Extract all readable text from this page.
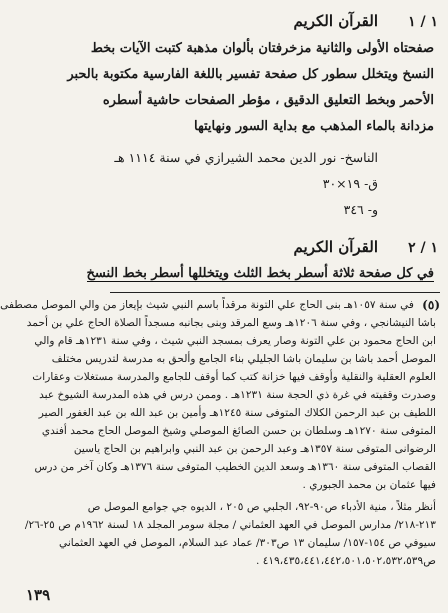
١ / ١
القرآن الكريم
صفحتاه الأولى والثانية مزخرفتان بألوان مذهبة كتبت الآيات بخط
النسخ ويتخلل سطور كل صفحة تفسير باللغة الفارسية مكتوبة بالحبر
الأحمر وبخط التعليق الدقيق ، مؤطر الصفحات حاشية أسطره
مزدانة بالماء المذهب مع بداية السور ونهايتها
الناسخ- نور الدين محمد الشيرازي في سنة ١١١٤ هـ
ق- ١٩×٣٠
و- ٣٤٦
١ / ٢
القرآن الكريم
في كل صفحة ثلاثة أسطر بخط الثلث ويتخللها أسطر بخط النسخ
(٥)
في سنة ١٠٥٧هـ بنى الحاج علي التونة مرقداً باسم النبي شيث بإيعاز من والي الموصل مصطفى
باشا النيشانجي ، وفي سنة ١٢٠٦هـ وسع المرقد وبنى بجانبه مسجداً الصلاة الحاج علي بن أحمد
ابن الحاج محمود بن علي التونة وصار يعرف بمسجد النبي شيث ، وفي سنة ١٢٣١هـ قام والي
الموصل أحمد باشا بن سليمان باشا الجليلي بناء الجامع وألحق به مدرسة لتدريس مختلف
العلوم العقلية والنقلية وأوقف فيها خزانة كتب كما أوقف للجامع والمدرسة مستغلات وعقارات
وصدرت وقفيته في غرة ذي الحجة سنة ١٢٣١هـ . وممن درس في هذه المدرسة الشيوخ عبد
اللطيف بن عبد الرحمن الكلاك المتوفى سنة ١٢٤٥هـ وأمين بن عبد الله بن عبد الغفور الصير
المتوفى سنة ١٢٧٠هـ وسلطان بن حسن الصائغ الموصلي وشيخ الموصل الحاج محمد أفندي
الرضوانى المتوفى سنة ١٣٥٧هـ وعبد الرحمن بن عبد النبي وابراهيم بن الحاج ياسين
القصاب المتوفى سنة ١٣٦٠هـ وسعد الدين الخطيب المتوفى سنة ١٣٧٦هـ وكان آخر من درس
فيها عثمان بن محمد الجبوري .
أنظر مثلاً ، منية الأدباء ص٩٠-٩٢، الجلبي ص ٢٠٥ ، الديوه جي جوامع الموصل ص
٢١٣-٢١٨/ مدارس الموصل في العهد العثماني / مجلة سومر المجلد ١٨ لسنة ١٩٦٢م ص ٢٥-٢٦/
سيوفي ص ١٥٤-١٥٧/ سليمان ١٣ ص٣٠٣/ عماد عبد السلام، الموصل في العهد العثماني
ص٤١٩،٤٣٥،٤٤١،٤٤٢،٥٠١،٥٠٢،٥٣٢،٥٣٩ .
١٣٩
